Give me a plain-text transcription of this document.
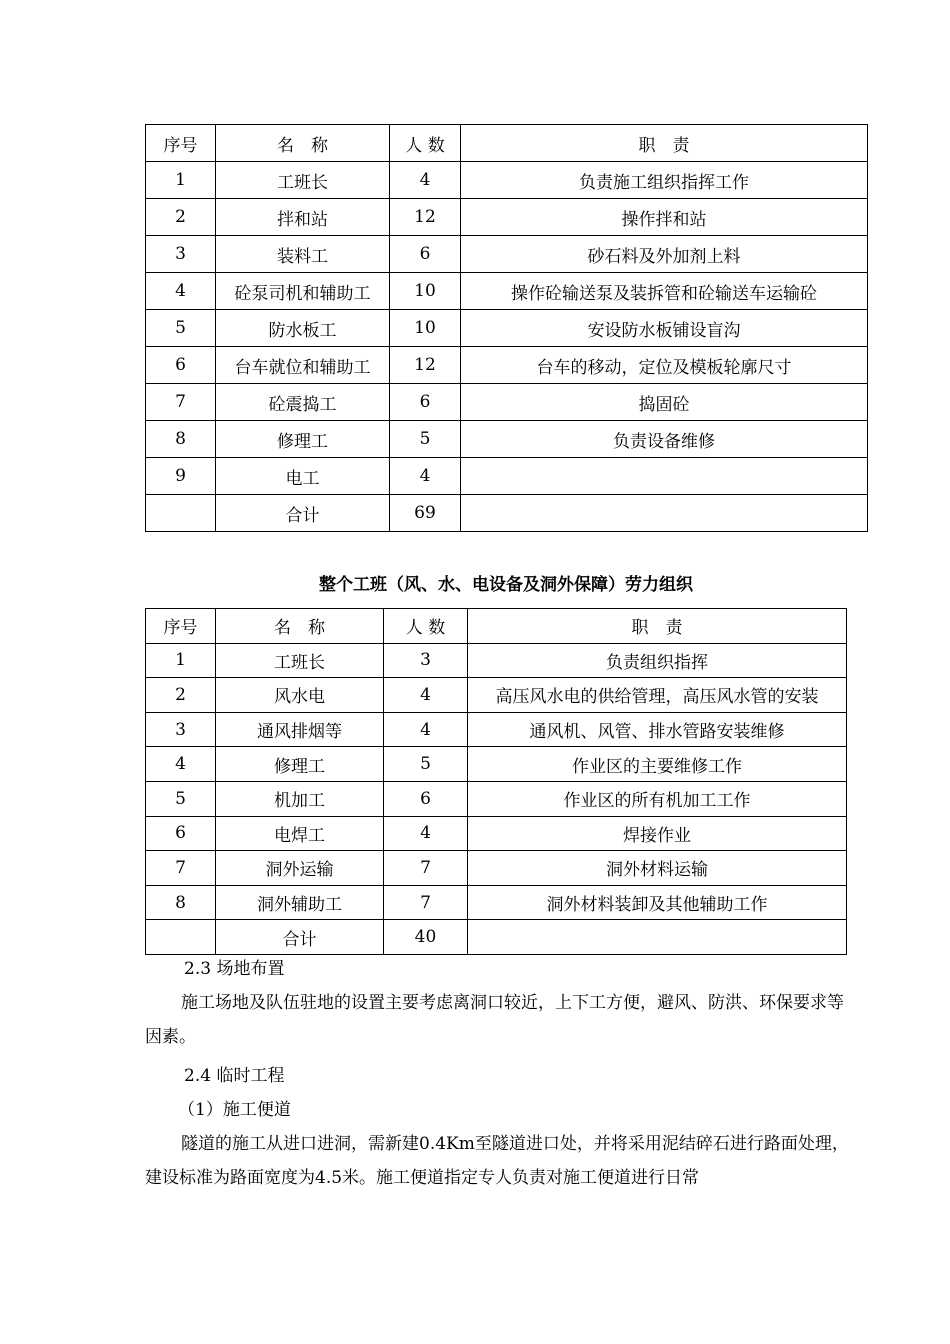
序号	名　称	人 数	职　责
1	工班长	4	负责施工组织指挥工作
2	拌和站	12	操作拌和站
3	装料工	6	砂石料及外加剂上料
4	砼泵司机和辅助工	10	操作砼输送泵及装拆管和砼输送车运输砼
5	防水板工	10	安设防水板铺设盲沟
6	台车就位和辅助工	12	台车的移动，定位及模板轮廓尺寸
7	砼震捣工	6	捣固砼
8	修理工	5	负责设备维修
9	电工	4	
	合计	69	
整个工班（风、水、电设备及洞外保障）劳力组织
序号	名　称	人 数	职　责
1	工班长	3	负责组织指挥
2	风水电	4	高压风水电的供给管理，高压风水管的安装
3	通风排烟等	4	通风机、风管、排水管路安装维修
4	修理工	5	作业区的主要维修工作
5	机加工	6	作业区的所有机加工工作
6	电焊工	4	焊接作业
7	洞外运输	7	洞外材料运输
8	洞外辅助工	7	洞外材料装卸及其他辅助工作
	合计	40	

2.3 场地布置

施工场地及队伍驻地的设置主要考虑离洞口较近，上下工方便，避风、防洪、环保要求等因素。

2.4 临时工程

（1）施工便道

隧道的施工从进口进洞，需新建0.4Km至隧道进口处，并将采用泥结碎石进行路面处理，建设标准为路面宽度为4.5米。施工便道指定专人负责对施工便道进行日常
